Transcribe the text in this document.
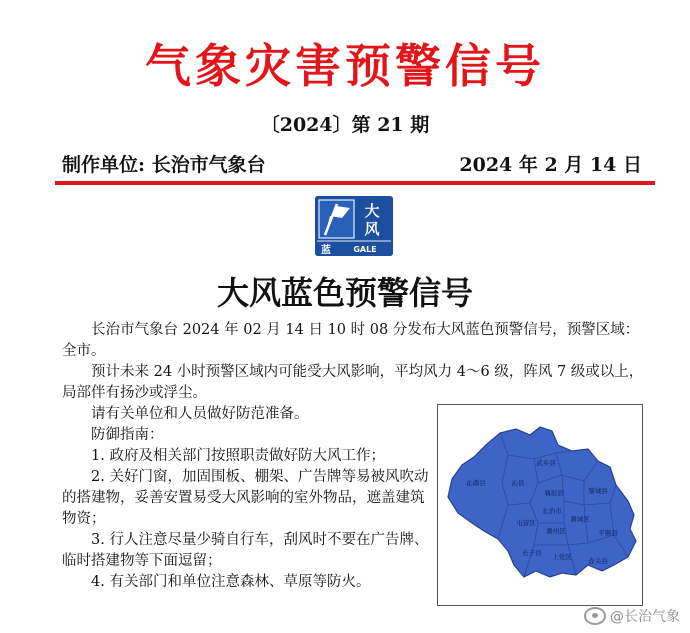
气象灾害预警信号
〔2024〕第 21 期
制作单位: 长治市气象台	2024 年 2 月 14 日
大
风
蓝	GALE
大风蓝色预警信号

长治市气象台 2024 年 02 月 14 日 10 时 08 分发布大风蓝色预警信号，预警区域：全市。

预计未来 24 小时预警区域内可能受大风影响，平均风力 4～6 级，阵风 7 级或以上，局部伴有扬沙或浮尘。

请有关单位和人员做好防范准备。

防御指南：

1. 政府及相关部门按照职责做好防大风工作；

2. 关好门窗，加固围板、棚架、广告牌等易被风吹动的搭建物，妥善安置易受大风影响的室外物品，遮盖建筑物资；

3. 行人注意尽量少骑自行车，刮风时不要在广告牌、临时搭建物等下面逗留；

4. 有关部门和单位注意森林、草原等防火。

武乡县
沁源县	沁县
襄垣县	黎城县
屯留区
长治市
潞城区
潞州区	平顺县
长子县 上党区	壶关县
@长治气象
